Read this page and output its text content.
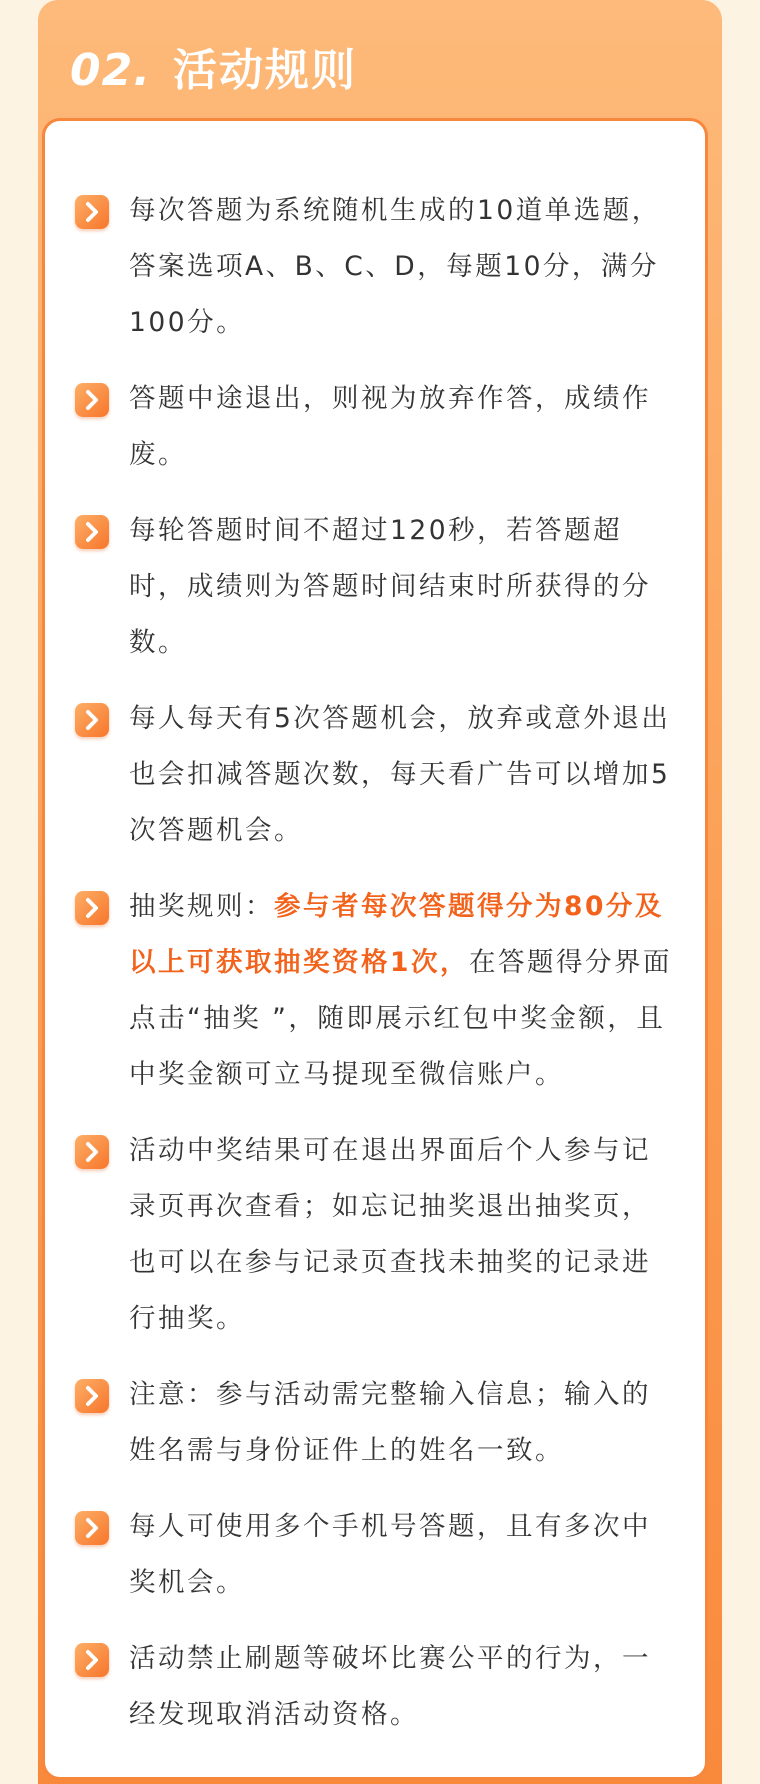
02. 活动规则
每次答题为系统随机生成的10道单选题，答案选项A、B、C、D，每题10分，满分100分。
答题中途退出，则视为放弃作答，成绩作废。
每轮答题时间不超过120秒，若答题超时，成绩则为答题时间结束时所获得的分数。
每人每天有5次答题机会，放弃或意外退出也会扣减答题次数，每天看广告可以增加5次答题机会。
抽奖规则：参与者每次答题得分为80分及以上可获取抽奖资格1次，在答题得分界面点击“抽奖 ”，随即展示红包中奖金额，且中奖金额可立马提现至微信账户。
活动中奖结果可在退出界面后个人参与记录页再次查看；如忘记抽奖退出抽奖页，也可以在参与记录页查找未抽奖的记录进行抽奖。
注意：参与活动需完整输入信息；输入的姓名需与身份证件上的姓名一致。
每人可使用多个手机号答题，且有多次中奖机会。
活动禁止刷题等破坏比赛公平的行为，一经发现取消活动资格。
